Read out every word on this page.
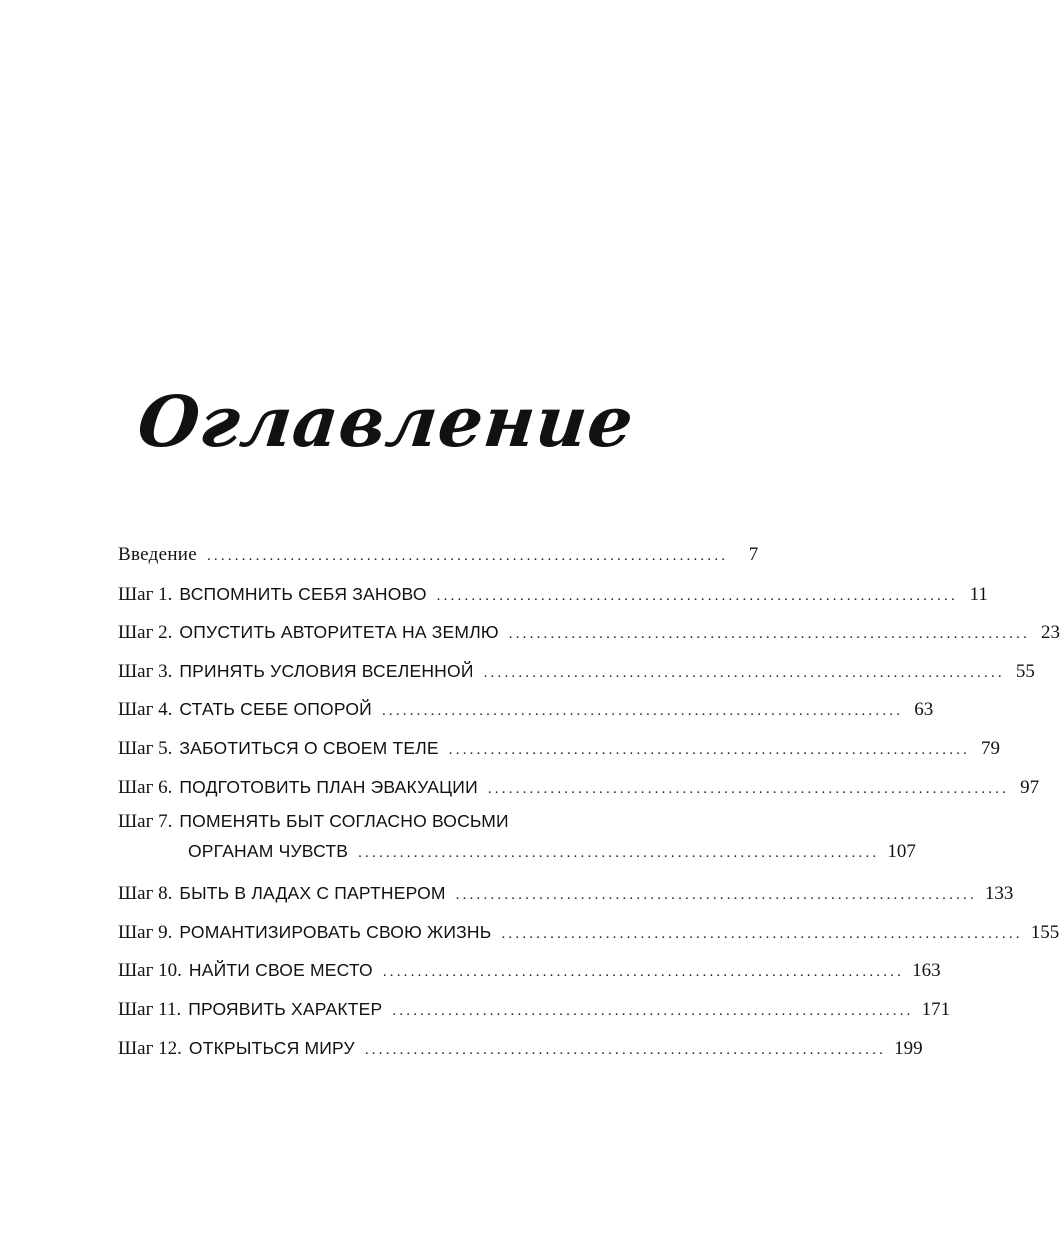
Оглавление
Введение ...........................................................................	7
Шаг 1. ВСПОМНИТЬ СЕБЯ ЗАНОВО ........................................................................... 11
Шаг 2. ОПУСТИТЬ АВТОРИТЕТА НА ЗЕМЛЮ ........................................................................... 23
Шаг 3. ПРИНЯТЬ УСЛОВИЯ ВСЕЛЕННОЙ ........................................................................... 55
Шаг 4. СТАТЬ СЕБЕ ОПОРОЙ ........................................................................... 63
Шаг 5. ЗАБОТИТЬСЯ О СВОЕМ ТЕЛЕ ........................................................................... 79
Шаг 6. ПОДГОТОВИТЬ ПЛАН ЭВАКУАЦИИ ........................................................................... 97
Шаг 7. ПОМЕНЯТЬ БЫТ СОГЛАСНО ВОСЬМИ
ОРГАНАМ ЧУВСТВ ........................................................................... 107
Шаг 8. БЫТЬ В ЛАДАХ С ПАРТНЕРОМ ........................................................................... 133
Шаг 9. РОМАНТИЗИРОВАТЬ СВОЮ ЖИЗНЬ ........................................................................... 155
Шаг 10. НАЙТИ СВОЕ МЕСТО ........................................................................... 163
Шаг 11. ПРОЯВИТЬ ХАРАКТЕР ........................................................................... 171
Шаг 12. ОТКРЫТЬСЯ МИРУ ........................................................................... 199
